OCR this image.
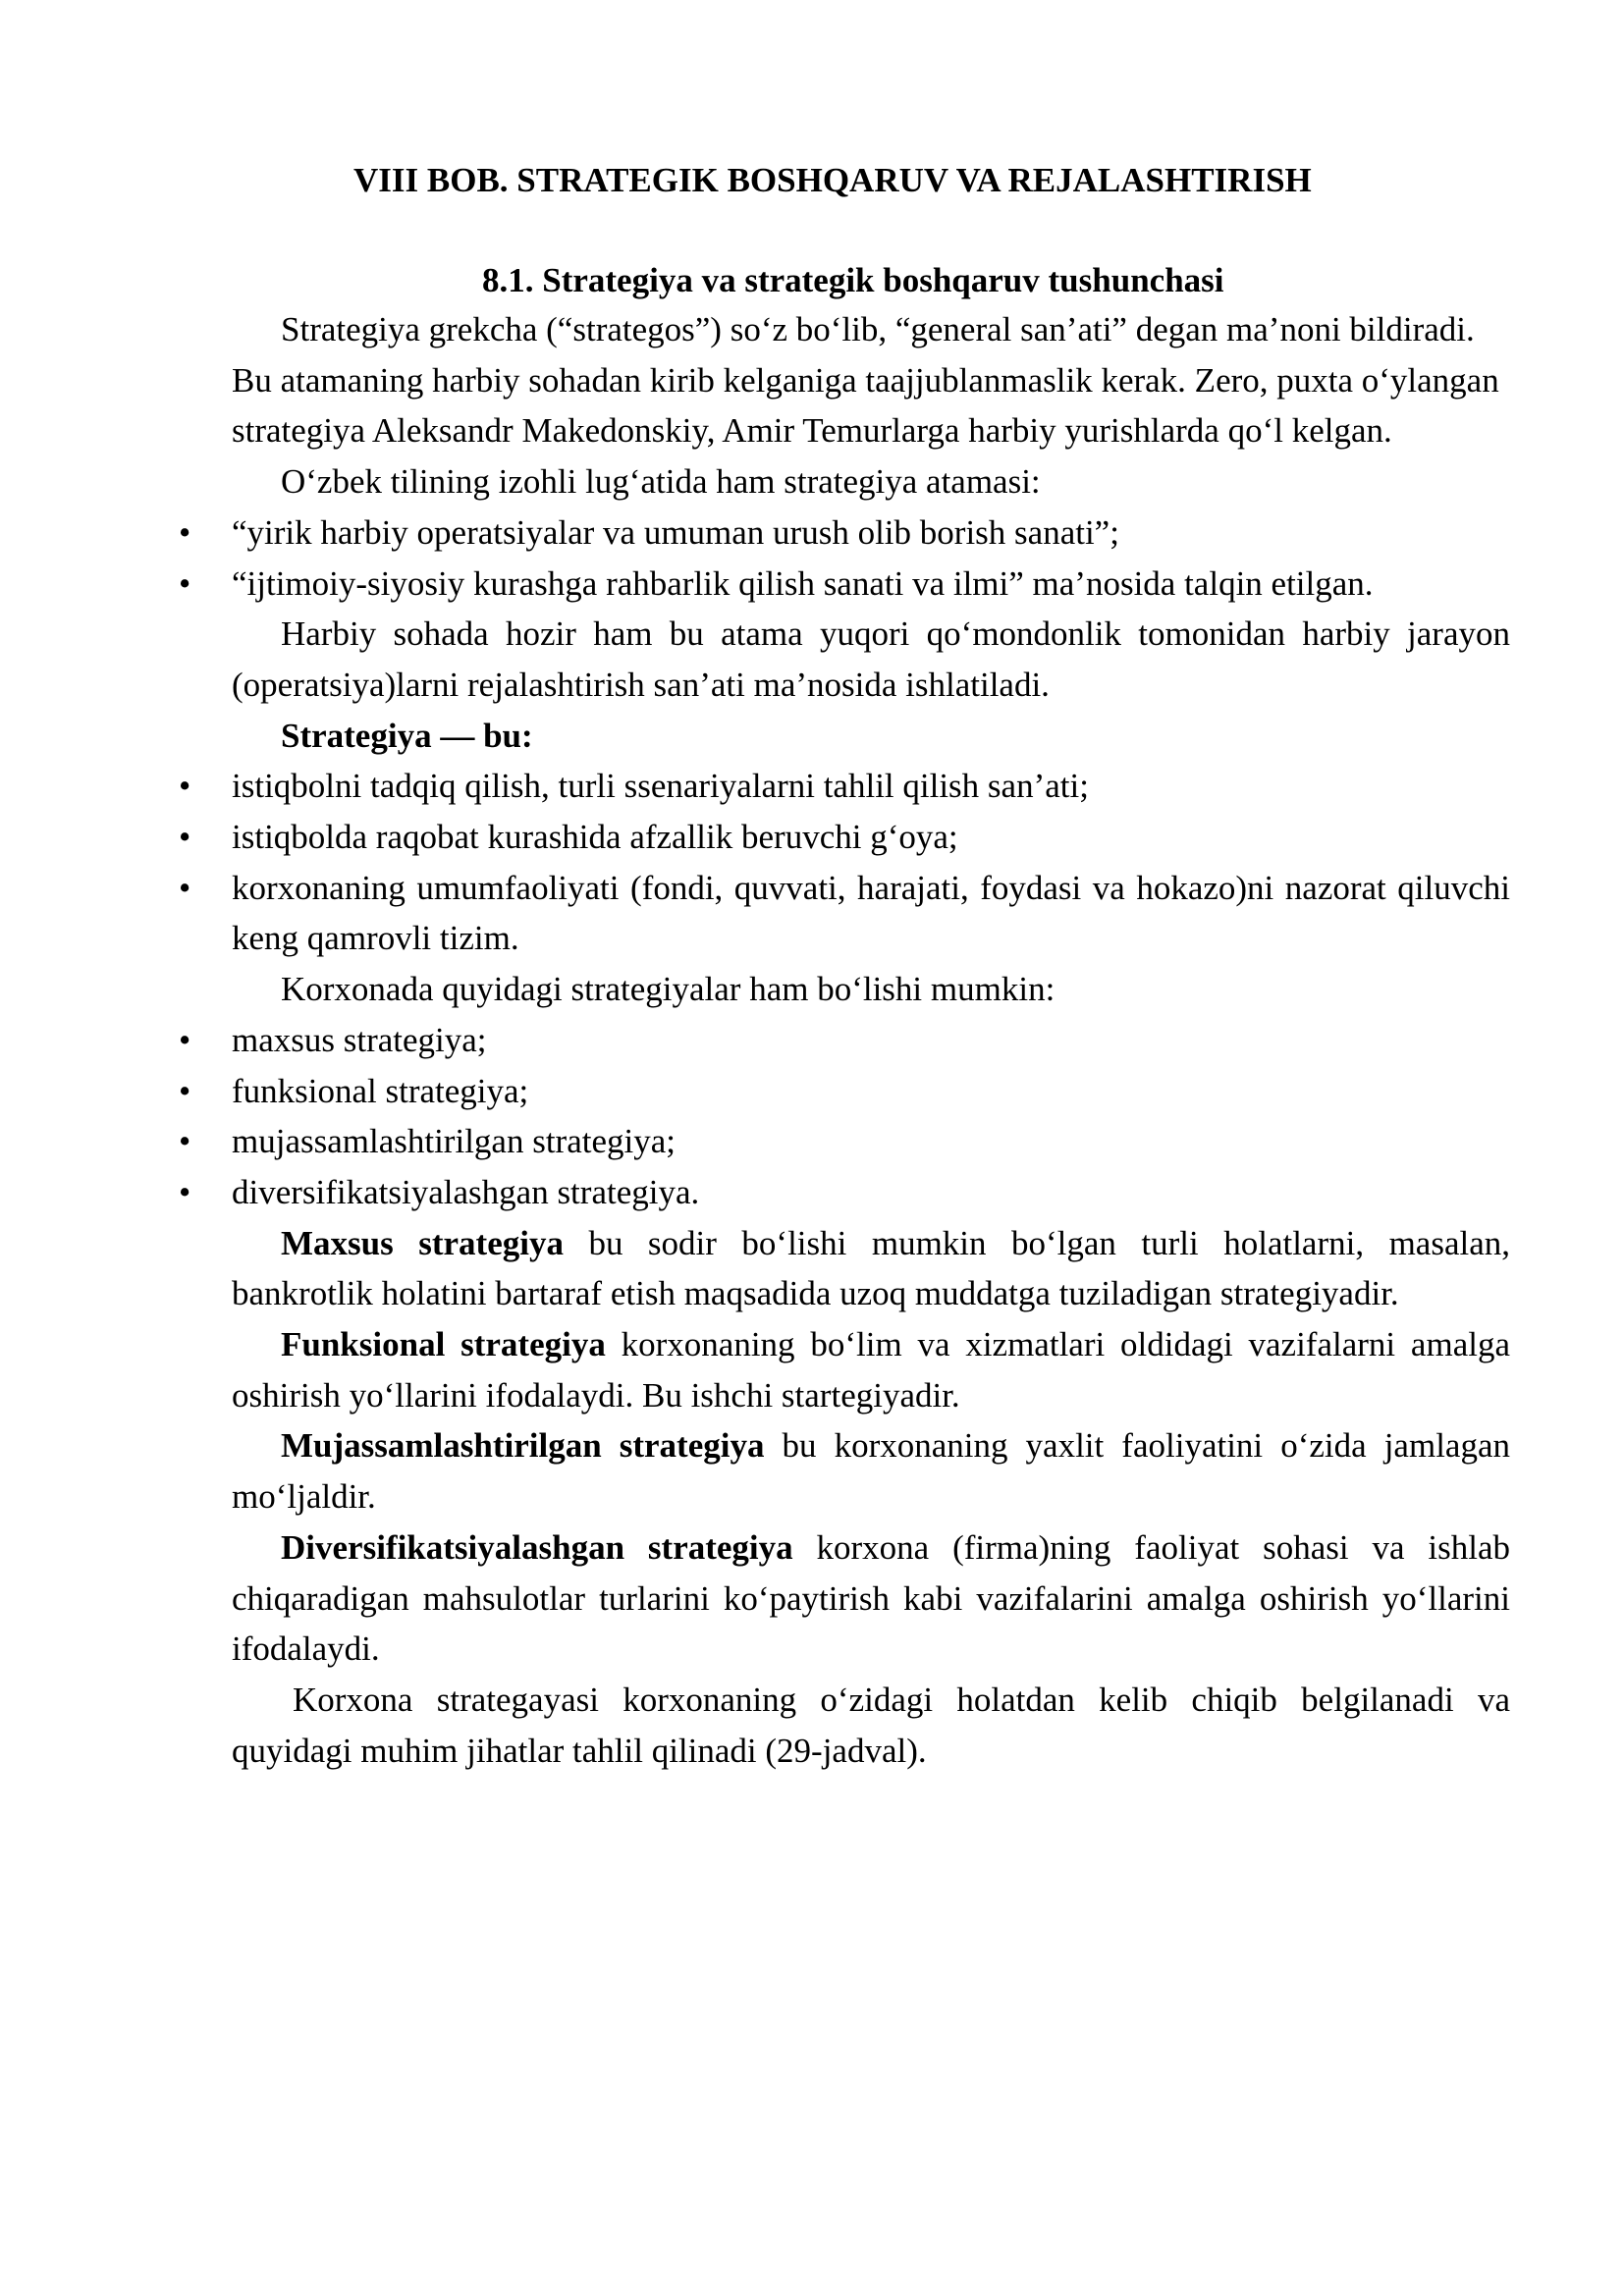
VIII BOB. STRATEGIK BOSHQARUV VA REJALASHTIRISH
8.1. Strategiya va strategik boshqaruv tushunchasi

Strategiya grekcha (“strategos”) so‘z bo‘lib, “general san’ati” degan ma’noni bildiradi. Bu atamaning harbiy sohadan kirib kelganiga taajjublanmaslik kerak. Zero, puxta o‘ylangan strategiya Aleksandr Makedonskiy, Amir Temurlarga harbiy yurishlarda qo‘l kelgan.

O‘zbek tilining izohli lug‘atida ham strategiya atamasi:

• “yirik harbiy operatsiyalar va umuman urush olib borish sanati”;

• “ijtimoiy-siyosiy kurashga rahbarlik qilish sanati va ilmi” ma’nosida talqin etilgan.

Harbiy sohada hozir ham bu atama yuqori qo‘mondonlik tomonidan harbiy jarayon (operatsiya)larni rejalashtirish san’ati ma’nosida ishlatiladi.

Strategiya — bu:

• istiqbolni tadqiq qilish, turli ssenariyalarni tahlil qilish san’ati;

• istiqbolda raqobat kurashida afzallik beruvchi g‘oya;

• korxonaning umumfaoliyati (fondi, quvvati, harajati, foydasi va hokazo)ni nazorat qiluvchi keng qamrovli tizim.

Korxonada quyidagi strategiyalar ham bo‘lishi mumkin:

• maxsus strategiya;

• funksional strategiya;

• mujassamlashtirilgan strategiya;

• diversifikatsiyalashgan strategiya.

Maxsus strategiya bu sodir bo‘lishi mumkin bo‘lgan turli holatlarni, masalan, bankrotlik holatini bartaraf etish maqsadida uzoq muddatga tuziladigan strategiyadir.

Funksional strategiya korxonaning bo‘lim va xizmatlari oldidagi vazifalarni amalga oshirish yo‘llarini ifodalaydi. Bu ishchi startegiyadir.

Mujassamlashtirilgan strategiya bu korxonaning yaxlit faoliyatini o‘zida jamlagan mo‘ljaldir.

Diversifikatsiyalashgan strategiya korxona (firma)ning faoliyat sohasi va ishlab chiqaradigan mahsulotlar turlarini ko‘paytirish kabi vazifalarini amalga oshirish yo‘llarini ifodalaydi.

Korxona strategayasi korxonaning o‘zidagi holatdan kelib chiqib belgilanadi va quyidagi muhim jihatlar tahlil qilinadi (29-jadval).
